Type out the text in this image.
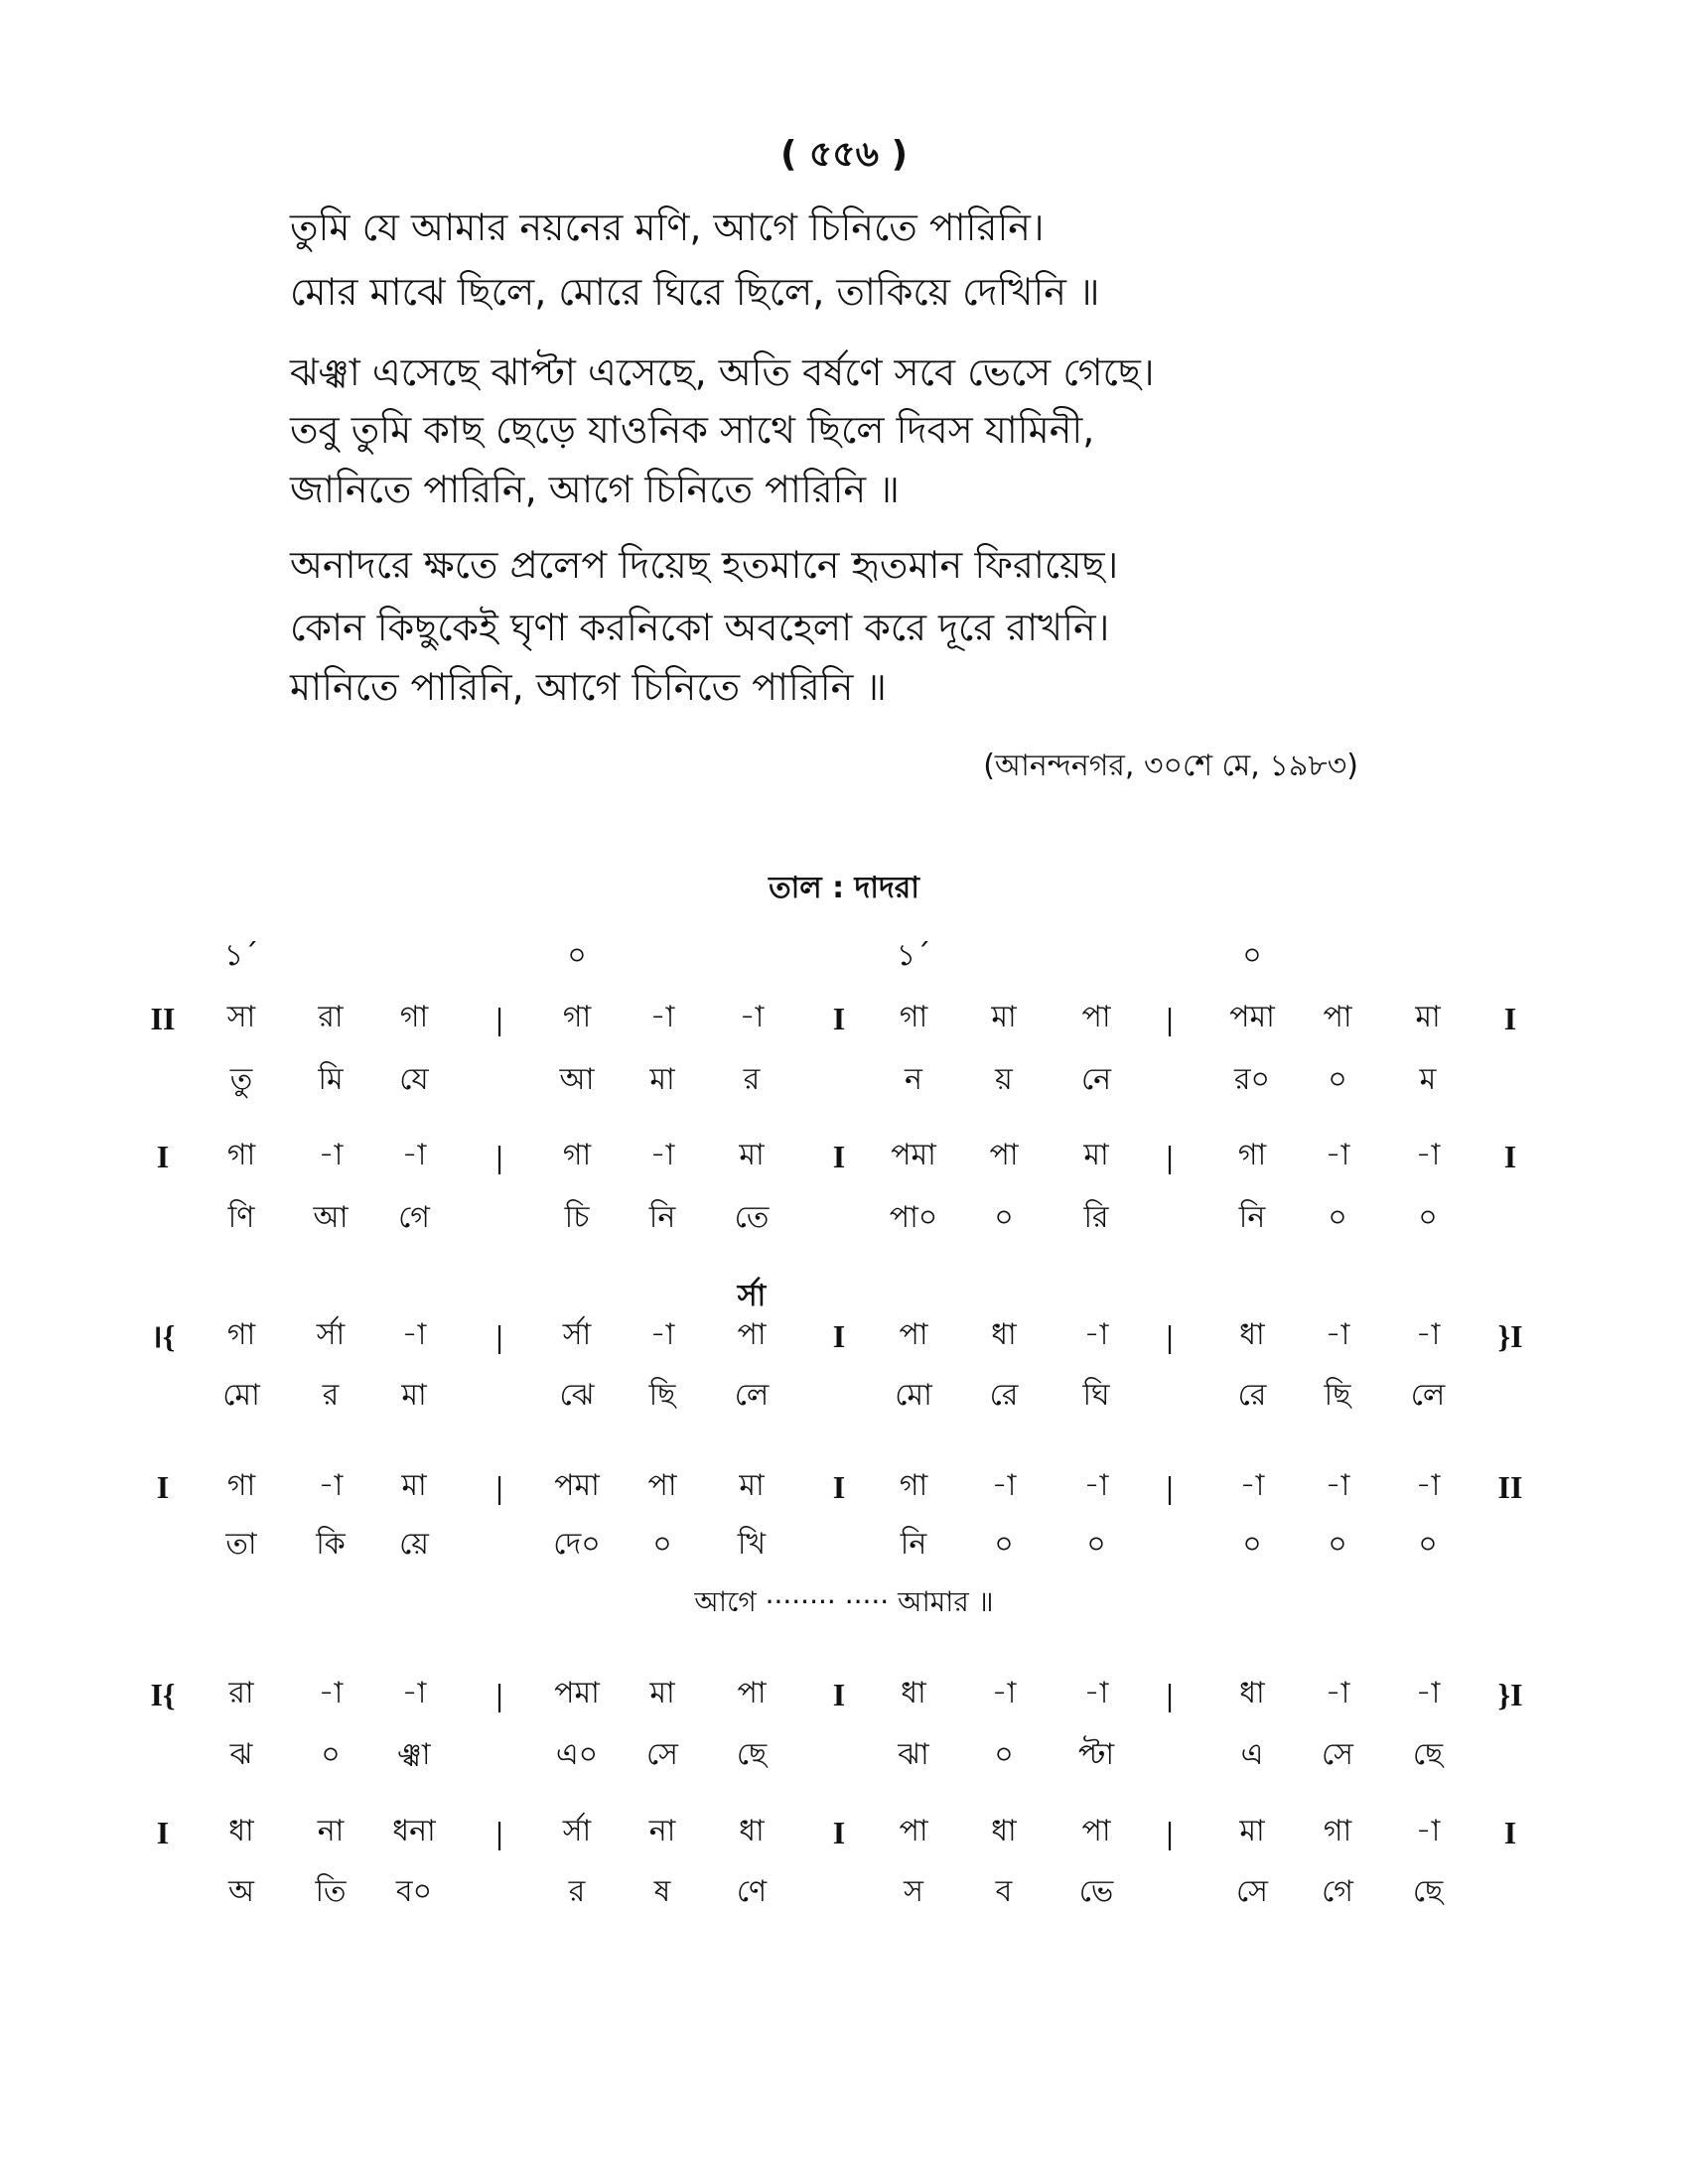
( ৫৫৬ )
তুমি যে আমার নয়নের মণি, আগে চিনিতে পারিনি।
মোর মাঝে ছিলে, মোরে ঘিরে ছিলে, তাকিয়ে দেখিনি ॥
ঝঞ্ঝা এসেছে ঝাপ্টা এসেছে, অতি বর্ষণে সবে ভেসে গেছে।
তবু তুমি কাছ ছেড়ে যাওনিক সাথে ছিলে দিবস যামিনী,
জানিতে পারিনি, আগে চিনিতে পারিনি ॥
অনাদরে ক্ষতে প্রলেপ দিয়েছ হতমানে হৃতমান ফিরায়েছ।
কোন কিছুকেই ঘৃণা করনিকো অবহেলা করে দূরে রাখনি।
মানিতে পারিনি, আগে চিনিতে পারিনি ॥
(আনন্দনগর, ৩০শে মে, ১৯৮৩)
তাল : দাদরা
১´	০	১´	০
II সা রা গা | গা -া -া I গা মা পা | পমা পা মা I
তু মি যে	আ মা র	ন য় নে	র০ ০ ম
I গা -া -া | গা -া মা I পমা পা মা | গা -া -া I
ণি আ গে	চি নি তে	পা০ ০ রি	নি ০ ০
র্সা
।{ গা র্সা -া | র্সা -া পা I পা ধা -া | ধা -া -া }I
মো র মা	ঝে ছি লে	মো রে ঘি	রে ছি লে
I গা -া মা | পমা পা মা I গা -া -া | -া -া -া II
তা কি য়ে	দে০ ০ খি	নি ০ ০	০ ০ ০
I{ রা -া -া | পমা মা পা I ধা -া -া | ধা -া -া }I
ঝ ০ ঞ্ঝা	এ০ সে ছে	ঝা ০ প্টা	এ সে ছে
I ধা না ধনা | র্সা না ধা I পা ধা পা | মা গা -া I
অ তি ব০	র ষ ণে	স ব ভে	সে গে ছে
আগে ········ ····· আমার ॥
